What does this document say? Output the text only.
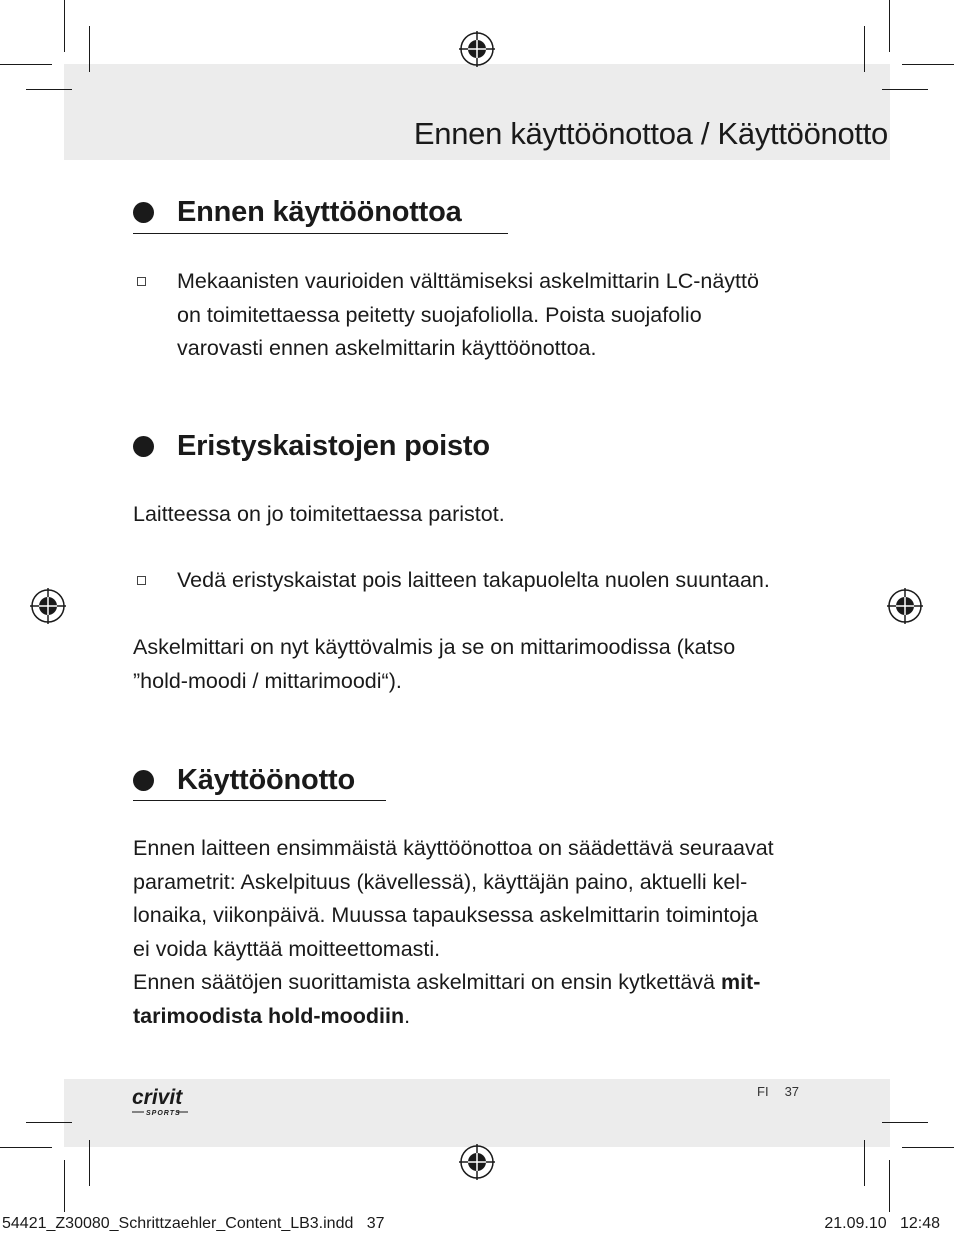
Ennen käyttöönottoa / Käyttöönotto
Ennen käyttöönottoa
Mekaanisten vaurioiden välttämiseksi askelmittarin LC-näyttö
on toimitettaessa peitetty suojafoliolla. Poista suojafolio
varovasti ennen askelmittarin käyttöönottoa.
Eristyskaistojen poisto

Laitteessa on jo toimitettaessa paristot.

Vedä eristyskaistat pois laitteen takapuolelta nuolen suuntaan.
Askelmittari on nyt käyttövalmis ja se on mittarimoodissa (katso
”hold-moodi / mittarimoodi“).
Käyttöönotto
Ennen laitteen ensimmäistä käyttöönottoa on säädettävä seuraavat
parametrit: Askelpituus (kävellessä), käyttäjän paino, aktuelli kel-
lonaika, viikonpäivä. Muussa tapauksessa askelmittarin toimintoja
ei voida käyttää moitteettomasti.
Ennen säätöjen suorittamista askelmittari on ensin kytkettävä mit-
tarimoodista hold-moodiin.
crivit
SPORTS
FI 37
54421_Z30080_Schrittzaehler_Content_LB3.indd   37	21.09.10   12:48
